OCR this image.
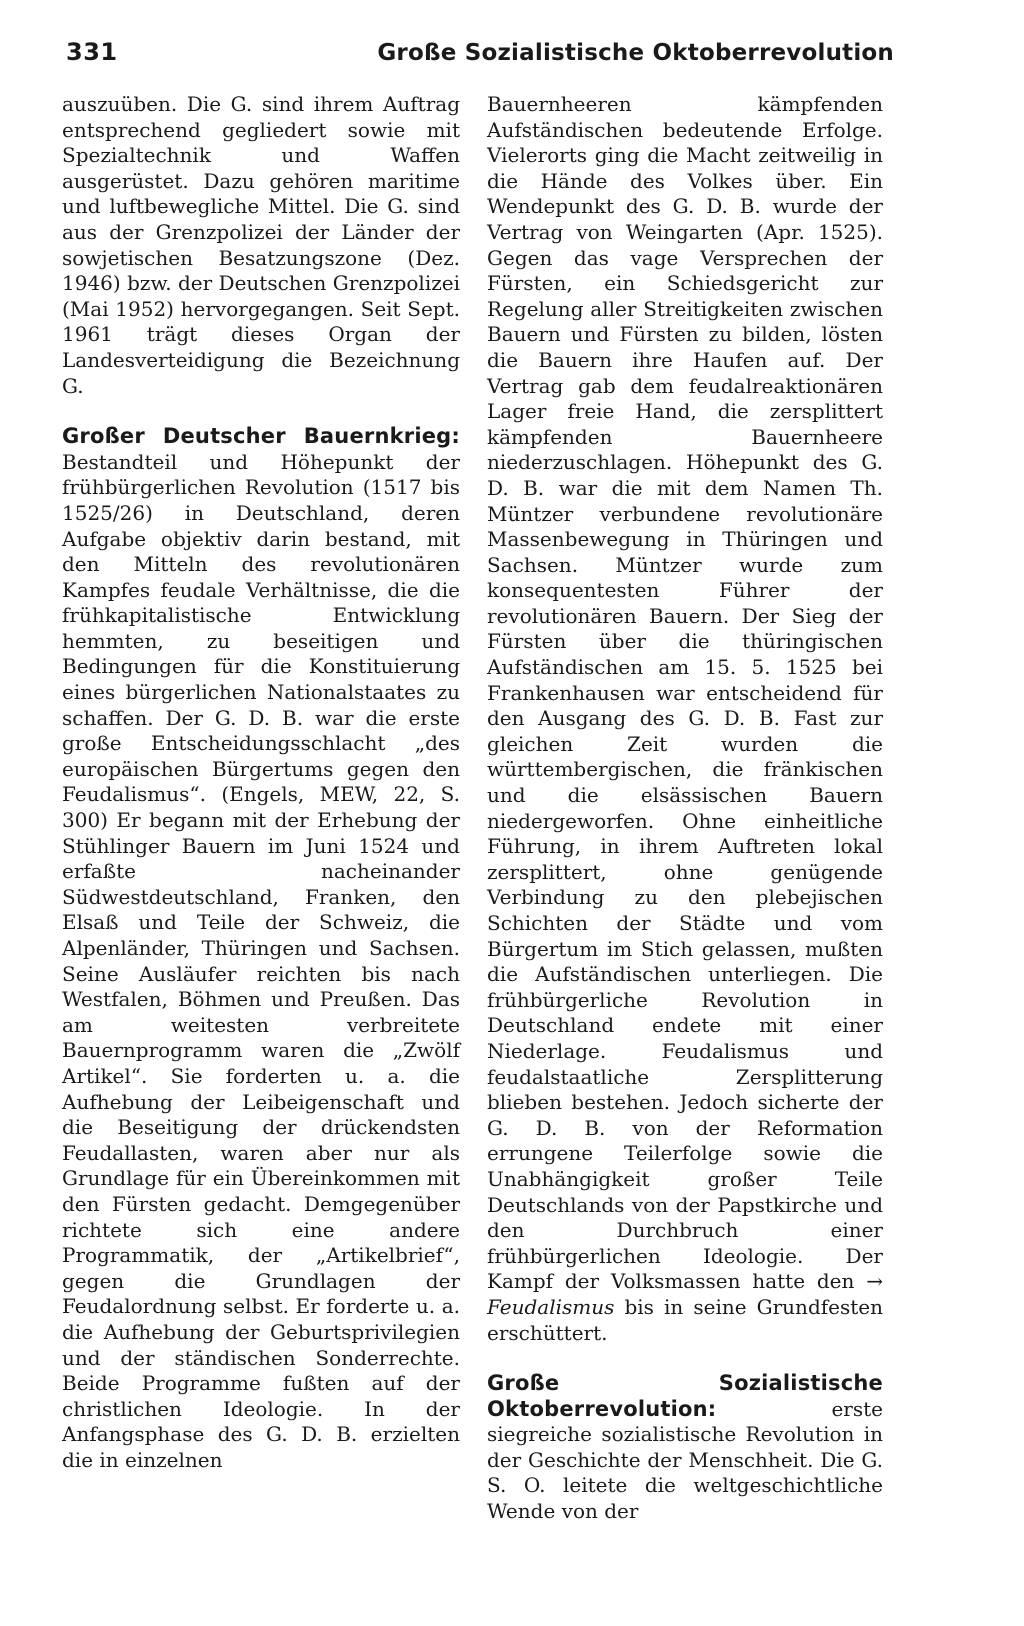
331	Große Sozialistische Oktoberrevolution

auszuüben. Die G. sind ihrem Auftrag entsprechend gegliedert sowie mit Spezialtechnik und Waffen ausgerüstet. Dazu gehören maritime und luftbewegliche Mittel. Die G. sind aus der Grenzpolizei der Länder der sowjetischen Besatzungszone (Dez. 1946) bzw. der Deutschen Grenzpolizei (Mai 1952) hervorgegangen. Seit Sept. 1961 trägt dieses Organ der Landesverteidigung die Bezeichnung G.

Großer Deutscher Bauernkrieg: Bestandteil und Höhepunkt der frühbürgerlichen Revolution (1517 bis 1525/26) in Deutschland, deren Aufgabe objektiv darin bestand, mit den Mitteln des revolutionären Kampfes feudale Verhältnisse, die die frühkapitalistische Entwicklung hemmten, zu beseitigen und Bedingungen für die Konstituierung eines bürgerlichen Nationalstaates zu schaffen. Der G. D. B. war die erste große Entscheidungsschlacht „des europäischen Bürgertums gegen den Feudalismus“. (Engels, MEW, 22, S. 300) Er begann mit der Erhebung der Stühlinger Bauern im Juni 1524 und erfaßte nacheinander Südwestdeutschland, Franken, den Elsaß und Teile der Schweiz, die Alpenländer, Thüringen und Sachsen. Seine Ausläufer reichten bis nach Westfalen, Böhmen und Preußen. Das am weitesten verbreitete Bauernprogramm waren die „Zwölf Artikel“. Sie forderten u. a. die Aufhebung der Leibeigenschaft und die Beseitigung der drückendsten Feudallasten, waren aber nur als Grundlage für ein Übereinkommen mit den Fürsten gedacht. Demgegenüber richtete sich eine andere Programmatik, der „Artikelbrief“, gegen die Grundlagen der Feudalordnung selbst. Er forderte u. a. die Aufhebung der Geburtsprivilegien und der ständischen Sonderrechte. Beide Programme fußten auf der christlichen Ideologie. In der Anfangsphase des G. D. B. erzielten die in einzelnen

Bauernheeren kämpfenden Aufständischen bedeutende Erfolge. Vielerorts ging die Macht zeitweilig in die Hände des Volkes über. Ein Wendepunkt des G. D. B. wurde der Vertrag von Weingarten (Apr. 1525). Gegen das vage Versprechen der Fürsten, ein Schiedsgericht zur Regelung aller Streitigkeiten zwischen Bauern und Fürsten zu bilden, lösten die Bauern ihre Haufen auf. Der Vertrag gab dem feudalreaktionären Lager freie Hand, die zersplittert kämpfenden Bauernheere niederzuschlagen. Höhepunkt des G. D. B. war die mit dem Namen Th. Müntzer verbundene revolutionäre Massenbewegung in Thüringen und Sachsen. Müntzer wurde zum konsequentesten Führer der revolutionären Bauern. Der Sieg der Fürsten über die thüringischen Aufständischen am 15. 5. 1525 bei Frankenhausen war entscheidend für den Ausgang des G. D. B. Fast zur gleichen Zeit wurden die württembergischen, die fränkischen und die elsässischen Bauern niedergeworfen. Ohne einheitliche Führung, in ihrem Auftreten lokal zersplittert, ohne genügende Verbindung zu den plebejischen Schichten der Städte und vom Bürgertum im Stich gelassen, mußten die Aufständischen unterliegen. Die frühbürgerliche Revolution in Deutschland endete mit einer Niederlage. Feudalismus und feudalstaatliche Zersplitterung blieben bestehen. Jedoch sicherte der G. D. B. von der Reformation errungene Teilerfolge sowie die Unabhängigkeit großer Teile Deutschlands von der Papstkirche und den Durchbruch einer frühbürgerlichen Ideologie. Der Kampf der Volksmassen hatte den → Feudalismus bis in seine Grundfesten erschüttert.

Große Sozialistische Oktoberrevolution:	erste siegreiche sozialistische Revolution in der Geschichte der Menschheit. Die G. S. O. leitete die weltgeschichtliche Wende von der
